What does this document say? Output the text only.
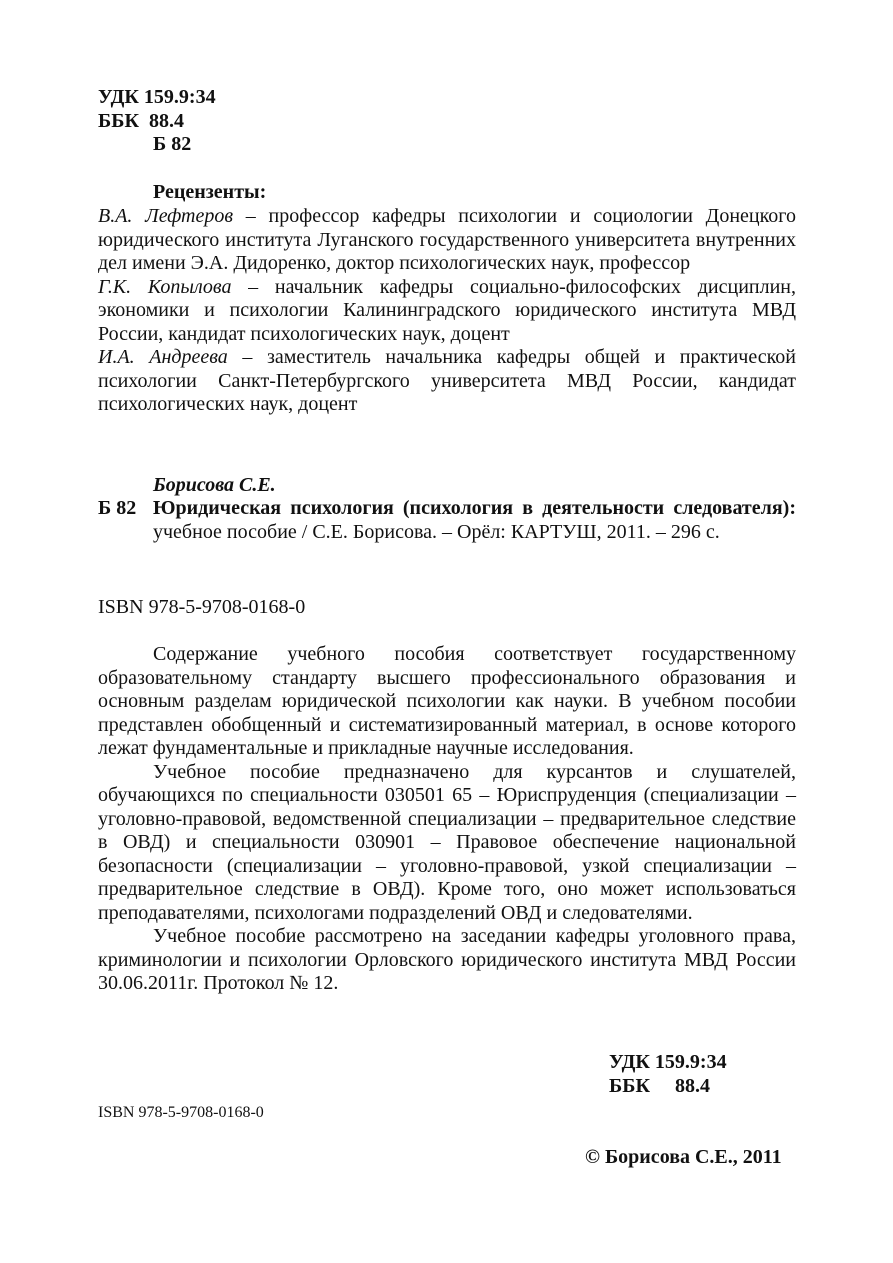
УДК 159.9:34
ББК  88.4
Б 82
Рецензенты:

В.А. Лефтеров – профессор кафедры психологии и социологии Донецкого юридического института Луганского государственного университета внутренних дел имени Э.А. Дидоренко, доктор психологических наук, профессор

Г.К. Копылова – начальник кафедры социально-философских дисциплин, экономики и психологии Калининградского юридического института МВД России, кандидат психологических наук, доцент

И.А. Андреева – заместитель начальника кафедры общей и практической психологии Санкт-Петербургского университета МВД России, кандидат психологических наук, доцент

Борисова С.Е.
Б 82 Юридическая психология (психология в деятельности следователя): учебное пособие / С.Е. Борисова. – Орёл: КАРТУШ, 2011. – 296 с.
ISBN 978-5-9708-0168-0

Содержание учебного пособия соответствует государственному образовательному стандарту высшего профессионального образования и основным разделам юридической психологии как науки. В учебном пособии представлен обобщенный и систематизированный материал, в основе которого лежат фундаментальные и прикладные научные исследования.

Учебное пособие предназначено для курсантов и слушателей, обучающихся по специальности 030501 65 – Юриспруденция (специализации – уголовно-правовой, ведомственной специализации – предварительное следствие в ОВД) и специальности 030901 – Правовое обеспечение национальной безопасности (специализации – уголовно-правовой, узкой специализации – предварительное следствие в ОВД). Кроме того, оно может использоваться преподавателями, психологами подразделений ОВД и следователями.

Учебное пособие рассмотрено на заседании кафедры уголовного права, криминологии и психологии Орловского юридического института МВД России 30.06.2011г. Протокол № 12.

УДК 159.9:34
ББК     88.4
ISBN 978-5-9708-0168-0
© Борисова С.Е., 2011
